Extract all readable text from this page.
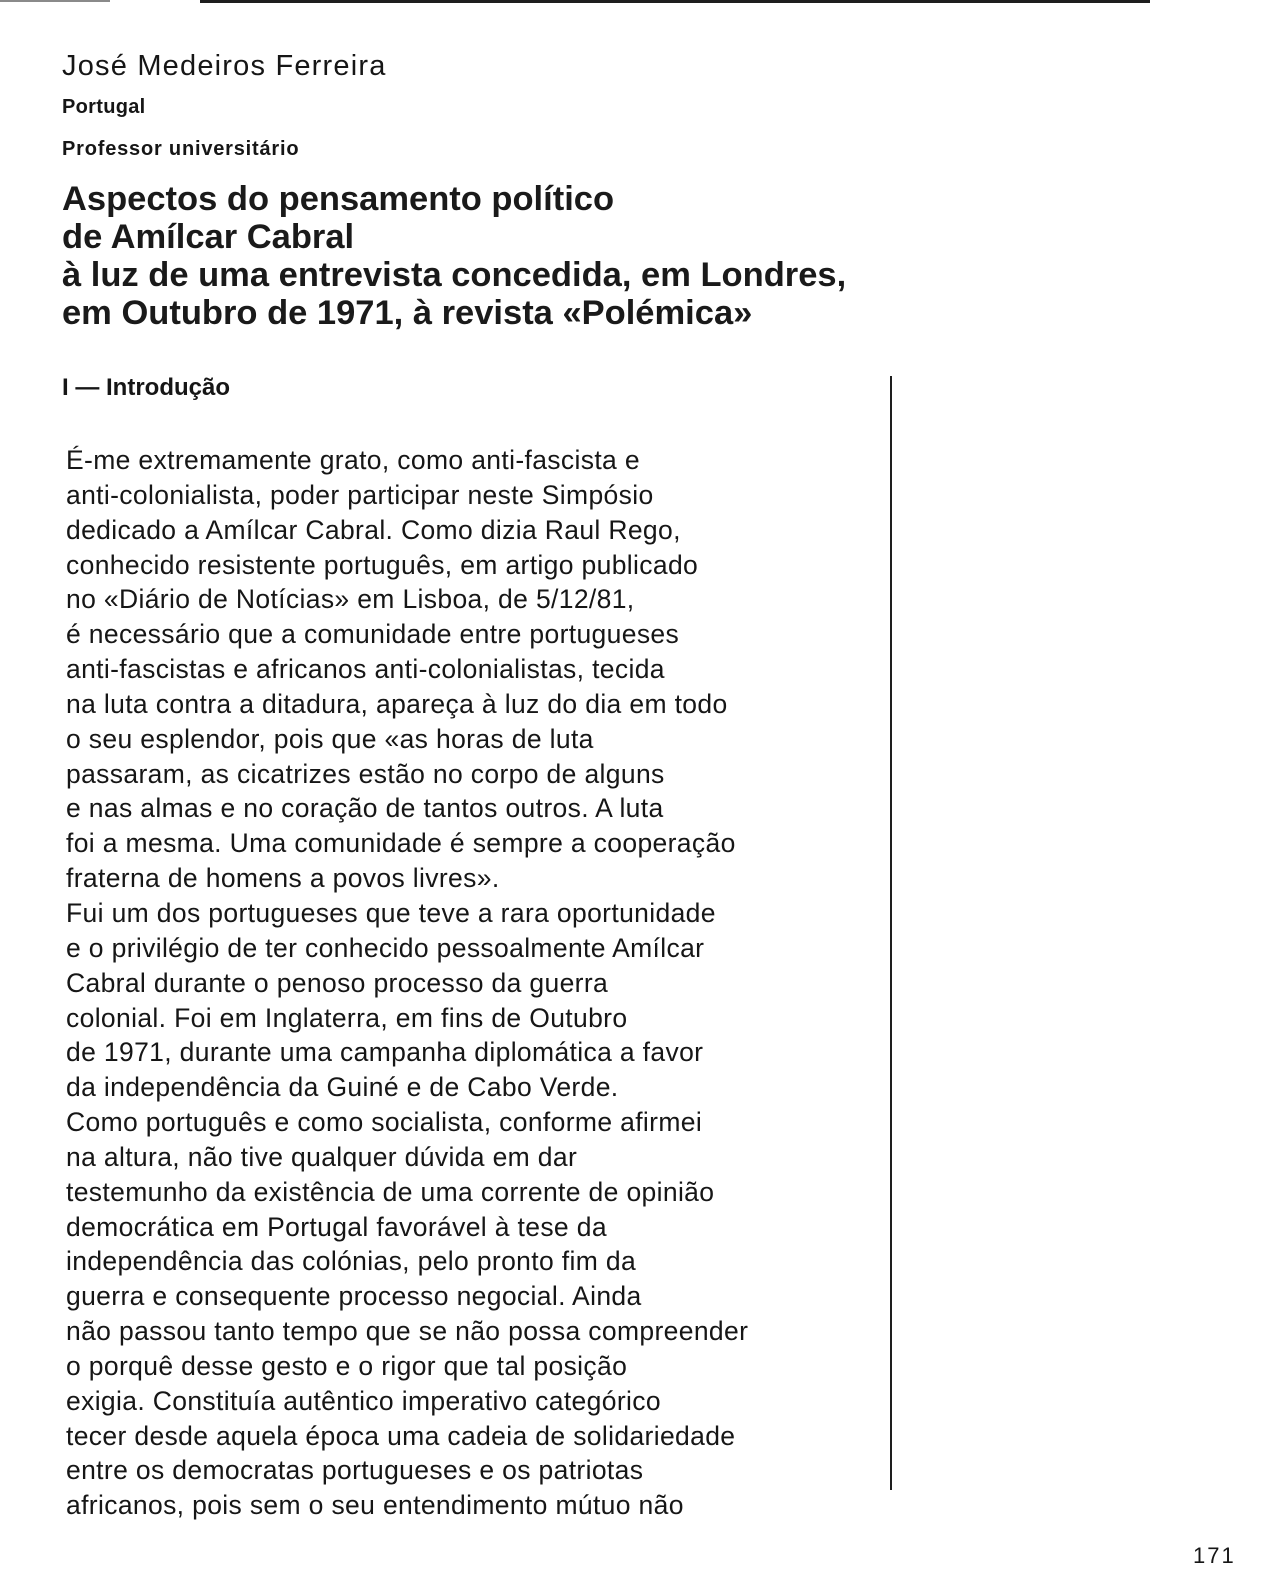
José Medeiros Ferreira
Portugal
Professor universitário
Aspectos do pensamento político
de Amílcar Cabral
à luz de uma entrevista concedida, em Londres,
em Outubro de 1971, à revista «Polémica»
I — Introdução
É-me extremamente grato, como anti-fascista e
anti-colonialista, poder participar neste Simpósio
dedicado a Amílcar Cabral. Como dizia Raul Rego,
conhecido resistente português, em artigo publicado
no «Diário de Notícias» em Lisboa, de 5/12/81,
é necessário que a comunidade entre portugueses
anti-fascistas e africanos anti-colonialistas, tecida
na luta contra a ditadura, apareça à luz do dia em todo
o seu esplendor, pois que «as horas de luta
passaram, as cicatrizes estão no corpo de alguns
e nas almas e no coração de tantos outros. A luta
foi a mesma. Uma comunidade é sempre a cooperação
fraterna de homens a povos livres».
Fui um dos portugueses que teve a rara oportunidade
e o privilégio de ter conhecido pessoalmente Amílcar
Cabral durante o penoso processo da guerra
colonial. Foi em Inglaterra, em fins de Outubro
de 1971, durante uma campanha diplomática a favor
da independência da Guiné e de Cabo Verde.
Como português e como socialista, conforme afirmei
na altura, não tive qualquer dúvida em dar
testemunho da existência de uma corrente de opinião
democrática em Portugal favorável à tese da
independência das colónias, pelo pronto fim da
guerra e consequente processo negocial. Ainda
não passou tanto tempo que se não possa compreender
o porquê desse gesto e o rigor que tal posição
exigia. Constituía autêntico imperativo categórico
tecer desde aquela época uma cadeia de solidariedade
entre os democratas portugueses e os patriotas
africanos, pois sem o seu entendimento mútuo não
171
